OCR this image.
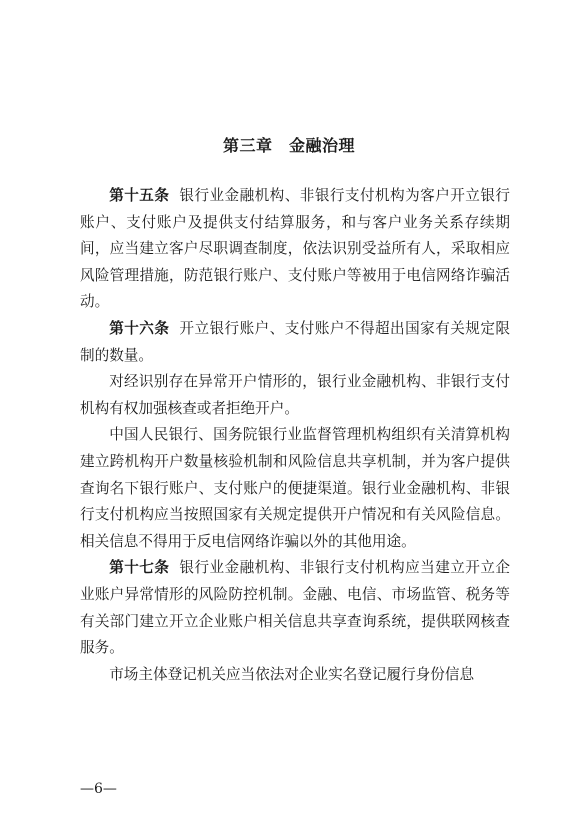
第三章　金融治理

第十五条 银行业金融机构、非银行支付机构为客户开立银行账户、支付账户及提供支付结算服务，和与客户业务关系存续期间，应当建立客户尽职调查制度，依法识别受益所有人，采取相应风险管理措施，防范银行账户、支付账户等被用于电信网络诈骗活动。

第十六条 开立银行账户、支付账户不得超出国家有关规定限制的数量。

对经识别存在异常开户情形的，银行业金融机构、非银行支付机构有权加强核查或者拒绝开户。

中国人民银行、国务院银行业监督管理机构组织有关清算机构建立跨机构开户数量核验机制和风险信息共享机制，并为客户提供查询名下银行账户、支付账户的便捷渠道。银行业金融机构、非银行支付机构应当按照国家有关规定提供开户情况和有关风险信息。相关信息不得用于反电信网络诈骗以外的其他用途。

第十七条 银行业金融机构、非银行支付机构应当建立开立企业账户异常情形的风险防控机制。金融、电信、市场监管、税务等有关部门建立开立企业账户相关信息共享查询系统，提供联网核查服务。

市场主体登记机关应当依法对企业实名登记履行身份信息

—6—
